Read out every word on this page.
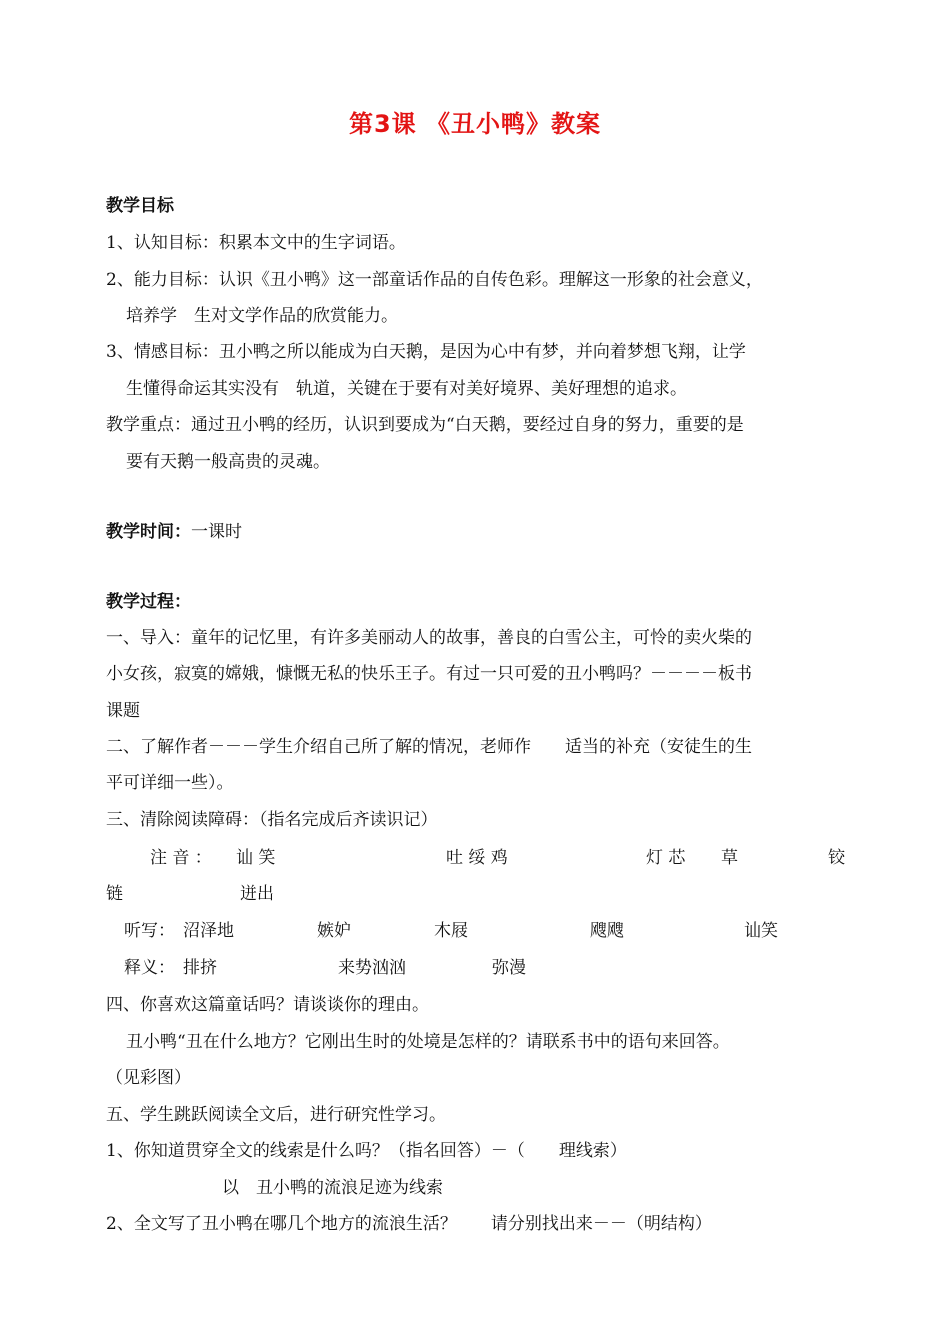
第3课 《丑小鸭》教案
教学目标
1、认知目标：积累本文中的生字词语。
2、能力目标：认识《丑小鸭》这一部童话作品的自传色彩。理解这一形象的社会意义，
培养学　生对文学作品的欣赏能力。
3、情感目标：丑小鸭之所以能成为白天鹅，是因为心中有梦，并向着梦想飞翔，让学
生懂得命运其实没有　轨道，关键在于要有对美好境界、美好理想的追求。
教学重点：通过丑小鸭的经历，认识到要成为“白天鹅，要经过自身的努力，重要的是
要有天鹅一般高贵的灵魂。
教学时间：一课时
教学过程：
一、导入：童年的记忆里，有许多美丽动人的故事，善良的白雪公主，可怜的卖火柴的
小女孩，寂寞的嫦娥，慷慨无私的快乐王子。有过一只可爱的丑小鸭吗？－－－－板书
课题
二、了解作者－－－学生介绍自己所了解的情况，老师作　　适当的补充（安徒生的生
平可详细一些）。
三、清除阅读障碍：（指名完成后齐读识记）
注 音 ： 讪 笑	吐 绥 鸡	灯 芯 草	铰
链	迸出
听写： 沼泽地	嫉妒	木屐	飕飕	讪笑
释义： 排挤	来势汹汹	弥漫
四、你喜欢这篇童话吗？请谈谈你的理由。
丑小鸭“丑在什么地方？它刚出生时的处境是怎样的？请联系书中的语句来回答。
（见彩图）
五、学生跳跃阅读全文后，进行研究性学习。
1、你知道贯穿全文的线索是什么吗？（指名回答）－（　　理线索）
以　丑小鸭的流浪足迹为线索
2、全文写了丑小鸭在哪几个地方的流浪生活？　　请分别找出来－－（明结构）
